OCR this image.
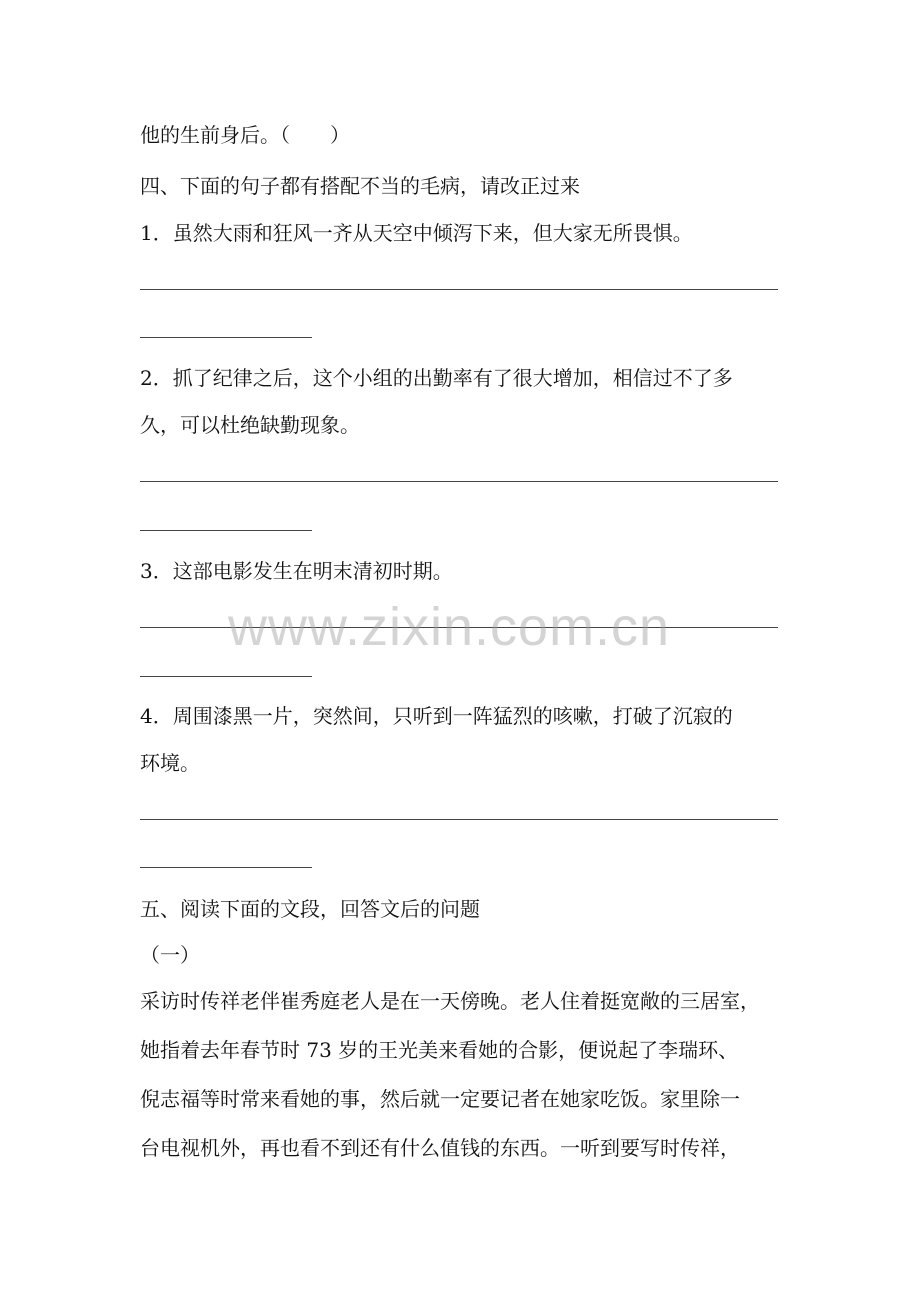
他的生前身后。（　　）
四、下面的句子都有搭配不当的毛病，请改正过来
1．虽然大雨和狂风一齐从天空中倾泻下来，但大家无所畏惧。
2．抓了纪律之后，这个小组的出勤率有了很大增加，相信过不了多
久，可以杜绝缺勤现象。
3．这部电影发生在明末清初时期。
4．周围漆黑一片，突然间，只听到一阵猛烈的咳嗽，打破了沉寂的
环境。
五、阅读下面的文段，回答文后的问题
（一）
采访时传祥老伴崔秀庭老人是在一天傍晚。老人住着挺宽敞的三居室，
她指着去年春节时 73 岁的王光美来看她的合影，便说起了李瑞环、
倪志福等时常来看她的事，然后就一定要记者在她家吃饭。家里除一
台电视机外，再也看不到还有什么值钱的东西。一听到要写时传祥，
www.zixin.com.cn
